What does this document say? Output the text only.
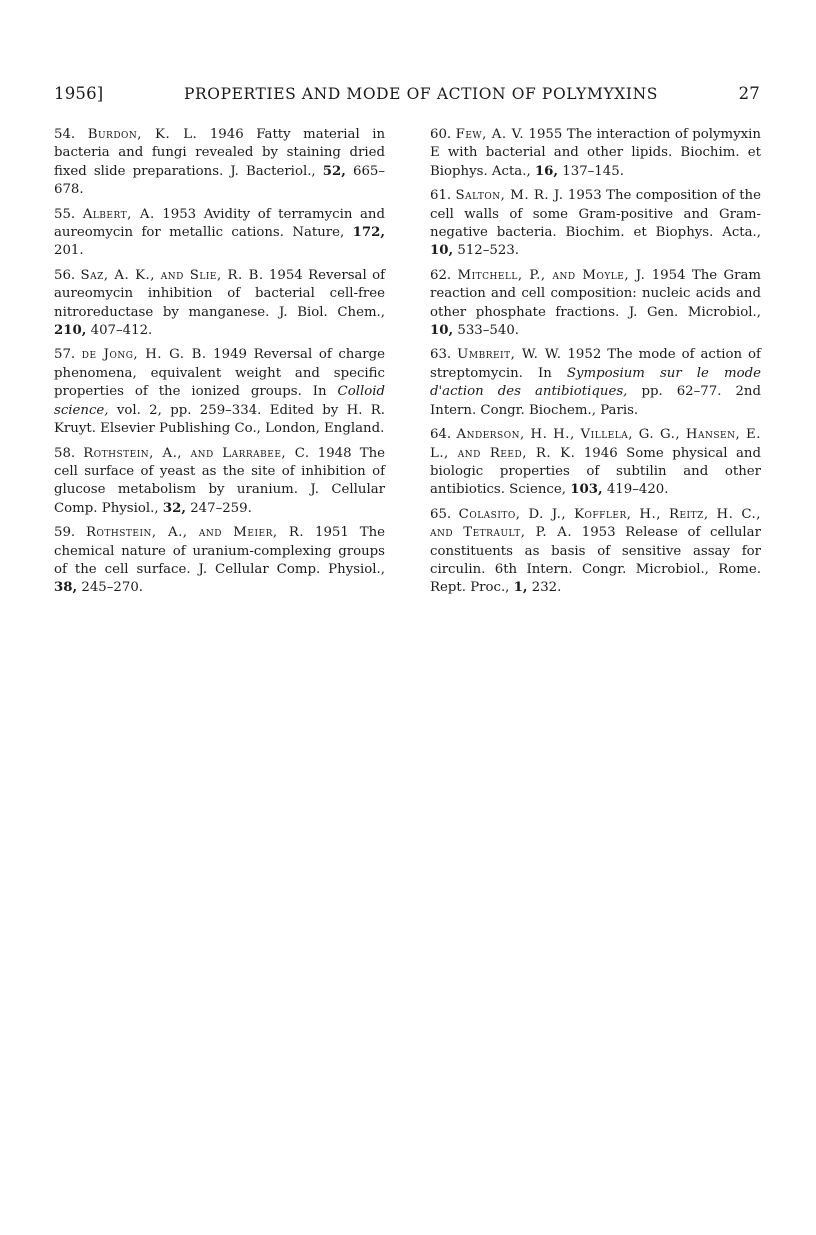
1956]	PROPERTIES AND MODE OF ACTION OF POLYMYXINS	27
54. Burdon, K. L. 1946 Fatty material in bacteria and fungi revealed by staining dried fixed slide preparations. J. Bacteriol., 52, 665–678.
55. Albert, A. 1953 Avidity of terramycin and aureomycin for metallic cations. Nature, 172, 201.
56. Saz, A. K., and Slie, R. B. 1954 Reversal of aureomycin inhibition of bacterial cell-free nitroreductase by manganese. J. Biol. Chem., 210, 407–412.
57. de Jong, H. G. B. 1949 Reversal of charge phenomena, equivalent weight and specific properties of the ionized groups. In Colloid science, vol. 2, pp. 259–334. Edited by H. R. Kruyt. Elsevier Publishing Co., London, England.
58. Rothstein, A., and Larrabee, C. 1948 The cell surface of yeast as the site of inhibition of glucose metabolism by uranium. J. Cellular Comp. Physiol., 32, 247–259.
59. Rothstein, A., and Meier, R. 1951 The chemical nature of uranium-complexing groups of the cell surface. J. Cellular Comp. Physiol., 38, 245–270.
60. Few, A. V. 1955 The interaction of polymyxin E with bacterial and other lipids. Biochim. et Biophys. Acta., 16, 137–145.
61. Salton, M. R. J. 1953 The composition of the cell walls of some Gram-positive and Gram-negative bacteria. Biochim. et Biophys. Acta., 10, 512–523.
62. Mitchell, P., and Moyle, J. 1954 The Gram reaction and cell composition: nucleic acids and other phosphate fractions. J. Gen. Microbiol., 10, 533–540.
63. Umbreit, W. W. 1952 The mode of action of streptomycin. In Symposium sur le mode d'action des antibiotiques, pp. 62–77. 2nd Intern. Congr. Biochem., Paris.
64. Anderson, H. H., Villela, G. G., Hansen, E. L., and Reed, R. K. 1946 Some physical and biologic properties of subtilin and other antibiotics. Science, 103, 419–420.
65. Colasito, D. J., Koffler, H., Reitz, H. C., and Tetrault, P. A. 1953 Release of cellular constituents as basis of sensitive assay for circulin. 6th Intern. Congr. Microbiol., Rome. Rept. Proc., 1, 232.
